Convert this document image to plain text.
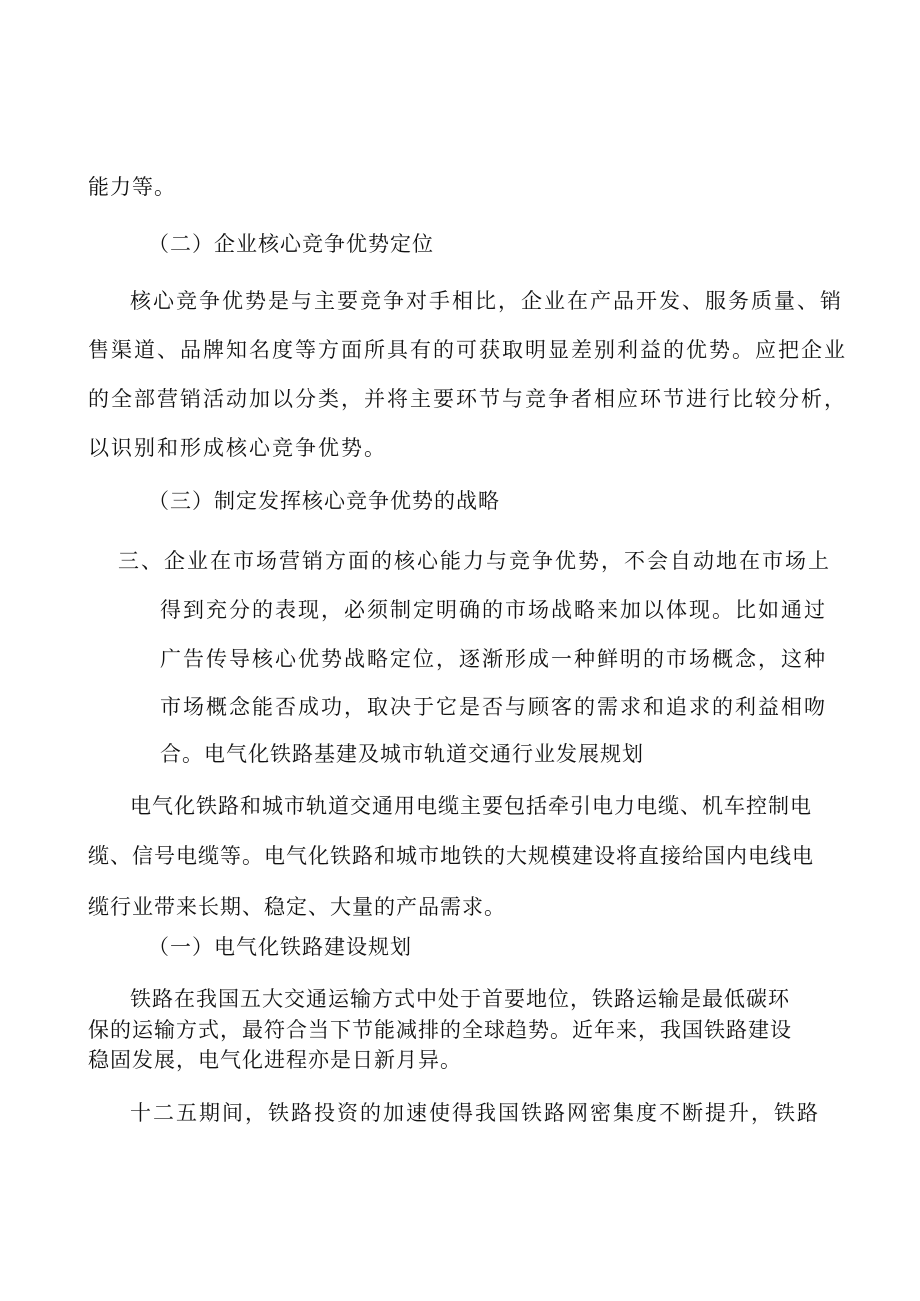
能力等。
（二）企业核心竞争优势定位
核心竞争优势是与主要竞争对手相比，企业在产品开发、服务质量、销
售渠道、品牌知名度等方面所具有的可获取明显差别利益的优势。应把企业
的全部营销活动加以分类，并将主要环节与竞争者相应环节进行比较分析，
以识别和形成核心竞争优势。
（三）制定发挥核心竞争优势的战略
三、企业在市场营销方面的核心能力与竞争优势，不会自动地在市场上
得到充分的表现，必须制定明确的市场战略来加以体现。比如通过
广告传导核心优势战略定位，逐渐形成一种鲜明的市场概念，这种
市场概念能否成功，取决于它是否与顾客的需求和追求的利益相吻
合。电气化铁路基建及城市轨道交通行业发展规划
电气化铁路和城市轨道交通用电缆主要包括牵引电力电缆、机车控制电
缆、信号电缆等。电气化铁路和城市地铁的大规模建设将直接给国内电线电
缆行业带来长期、稳定、大量的产品需求。
（一）电气化铁路建设规划
铁路在我国五大交通运输方式中处于首要地位，铁路运输是最低碳环
保的运输方式，最符合当下节能减排的全球趋势。近年来，我国铁路建设
稳固发展，电气化进程亦是日新月异。
十二五期间，铁路投资的加速使得我国铁路网密集度不断提升，铁路
